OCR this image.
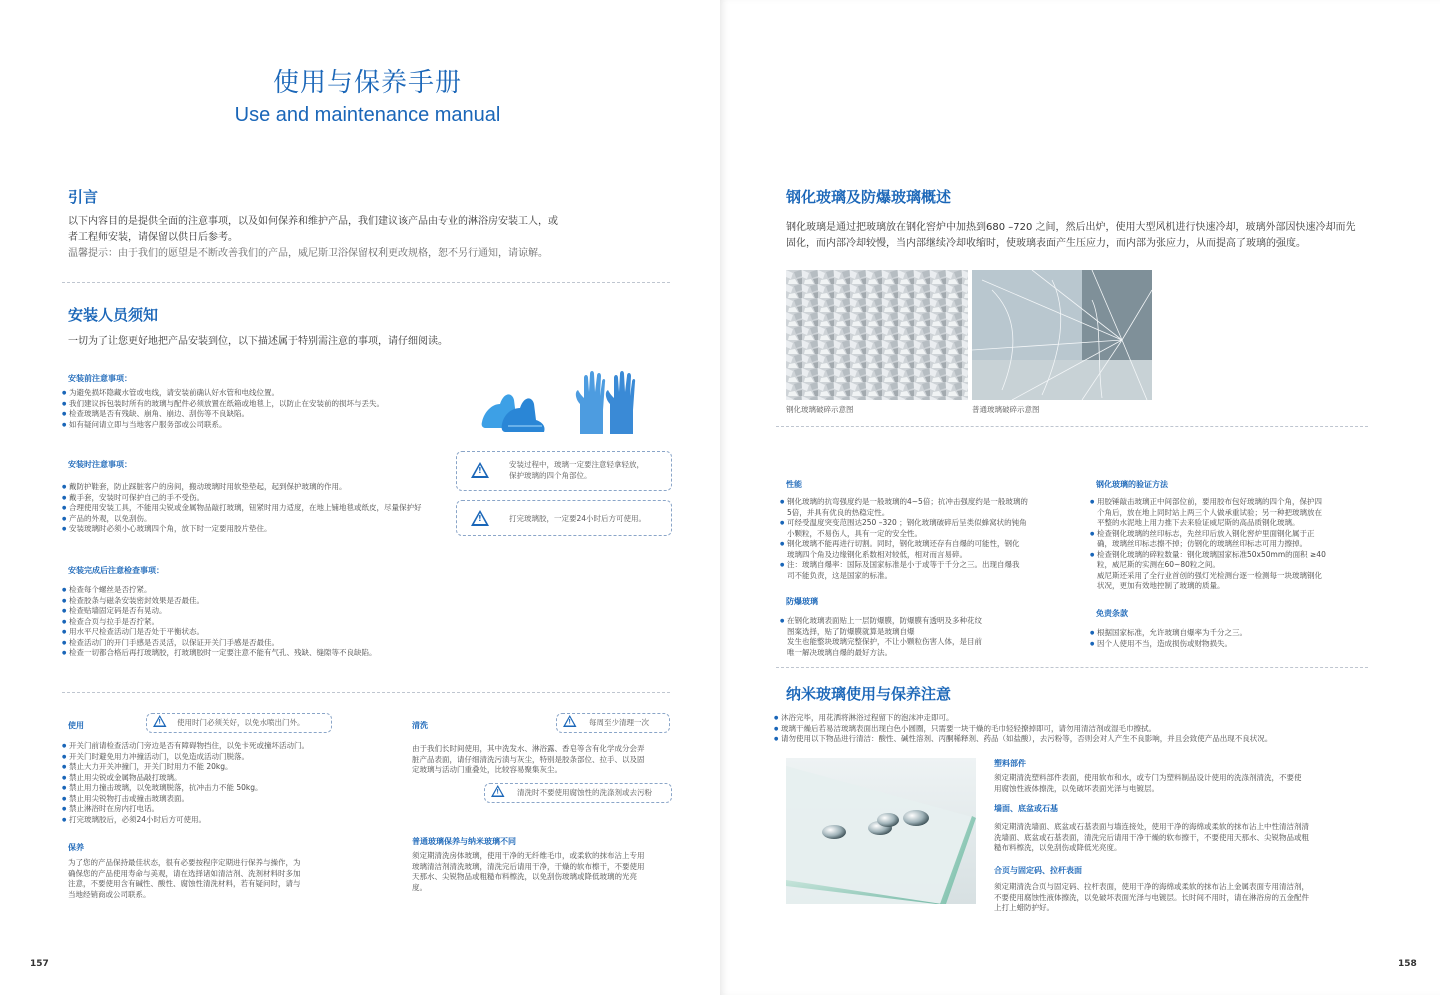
使用与保养手册
Use and maintenance manual
引言
以下内容目的是提供全面的注意事项，以及如何保养和维护产品，我们建议该产品由专业的淋浴房安装工人，或
者工程师安装，请保留以供日后参考。
温馨提示：由于我们的愿望是不断改善我们的产品，威尼斯卫浴保留权利更改规格，恕不另行通知，请谅解。
安装人员须知
一切为了让您更好地把产品安装到位，以下描述属于特别需注意的事项，请仔细阅读。
安装前注意事项：
● 为避免损坏隐藏水管或电线，请安装前确认好水管和电线位置。
● 我们建议拆包装时所有的玻璃与配件必须放置在纸箱或地毯上，以防止在安装前的损坏与丢失。
● 检查玻璃是否有残缺、崩角、崩边、刮伤等不良缺陷。
● 如有疑问请立即与当地客户服务部或公司联系。
安装时注意事项：
● 戴防护鞋套，防止踩脏客户的房间，搬动玻璃时用软垫垫起，起到保护玻璃的作用。
● 戴手套，安装时可保护自己的手不受伤。
● 合理使用安装工具，不能用尖锐或金属物品敲打玻璃，钮紧时用力适度，在地上铺地毯或纸皮，尽量保护好
● 产品的外观，以免刮伤。
● 安装玻璃时必须小心玻璃四个角，放下时一定要用胶片垫住。
!
安装过程中，玻璃一定要注意轻拿轻放，
保护玻璃的四个角部位。
!	打完玻璃胶，一定要24小时后方可使用。
安装完成后注意检查事项：
● 检查每个螺丝是否拧紧。
● 检查胶条与磁条安装密封效果是否最佳。
● 检查贴墙固定码是否有晃动。
● 检查合页与拉手是否拧紧。
● 用水平尺检查活动门是否处于平衡状态。
● 检查活动门的开门手感是否灵活，以保证开关门手感是否最佳。
● 检查一切都合格后再打玻璃胶，打玻璃胶时一定要注意不能有气孔、残缺、缝隙等不良缺陷。
使用	! 使用时门必须关好，以免水喷出门外。
● 开关门前请检查活动门旁边是否有障碍物挡住，以免卡死或撞坏活动门。
● 开关门时避免用力冲撞活动门，以免造成活动门脱落。
● 禁止大力开关冲撞门，开关门时用力不能 20kg。
● 禁止用尖锐或金属物品敲打玻璃。
● 禁止用力撞击玻璃，以免玻璃脱落，抗冲击力不能 50kg。
● 禁止用尖锐物打击或撞击玻璃表面。
● 禁止淋浴时在房内打电话。
● 打完玻璃胶后，必须24小时后方可使用。
保养
为了您的产品保持最佳状态，很有必要按程序定期进行保养与操作，为
确保您的产品使用寿命与美观，请在选择诸如清洁剂、洗剂材料时多加
注意，不要使用含有碱性、酸性、腐蚀性清洗材料，若有疑问时，请与
当地经销商或公司联系。
清洗	! 每周至少清理一次
由于我们长时间使用，其中洗发水、淋浴露、香皂等含有化学成分会弄
脏产品表面，请仔细清洗污渍与灰尘，特别是胶条部位、拉手、以及固
定玻璃与活动门重叠处，比较容易聚集灰尘。
! 清洗时不要使用腐蚀性的洗涤剂或去污粉
普通玻璃保养与纳米玻璃不同
须定期清洗房体玻璃，使用干净的无纤维毛巾，或柔软的抹布沾上专用
玻璃清洁剂清洗玻璃，清洗完后请用干净，干燥的软布檫干，不要使用
天那水、尖锐物品或粗糙布料檫洗，以免刮伤玻璃或降低玻璃的光亮
度。
157
钢化玻璃及防爆玻璃概述
钢化玻璃是通过把玻璃放在钢化窖炉中加热到680 –720 之间，然后出炉，使用大型风机进行快速冷却，玻璃外部因快速冷却而先
固化，而内部冷却较慢，当内部继续冷却收缩时，使玻璃表面产生压应力，而内部为张应力，从而提高了玻璃的强度。
钢化玻璃破碎示意图	普通玻璃破碎示意图
性能
● 钢化玻璃的抗弯强度约是一般玻璃的4~5倍；抗冲击强度约是一般玻璃的
5倍，并具有优良的热稳定性。
● 可经受温度突变范围达250 –320 ；钢化玻璃破碎后呈类似蜂窝状的钝角
小颗粒，不易伤人，具有一定的安全性。
● 钢化玻璃不能再进行切割。同时，钢化玻璃还存有自爆的可能性，钢化
玻璃四个角及边缘钢化系数相对较低，相对而言易碎。
● 注：玻璃自爆率：国际及国家标准是小于或等于千分之三。出现自爆我
司不能负责，这是国家的标准。
防爆玻璃
● 在钢化玻璃表面贴上一层防爆膜，防爆膜有透明及多种花纹
图案选择，贴了防爆膜就算是玻璃自爆
发生也能整块玻璃完整保护，不让小颗粒伤害人体，是目前
唯一解决玻璃自爆的最好方法。
钢化玻璃的验证方法
● 用胶锤敲击玻璃正中间部位前，要用胶布包好玻璃的四个角，保护四
个角后，放在地上同时站上两三个人做承重试验；另一种把玻璃放在
平整的水泥地上用力推下去来验证威尼斯的高品质钢化玻璃。
● 检查钢化玻璃的丝印标志，先丝印后放入钢化窖炉里面钢化属于正
确，玻璃丝印标志擦不掉；仿钢化的玻璃丝印标志可用力擦掉。
● 检查钢化玻璃的碎粒数量：钢化玻璃国家标准50x50mm的面积 ≥40
粒，威尼斯的实测在60~80粒之间。
威尼斯还采用了全行业首创的强灯光检测台逐一检测每一块玻璃钢化
状况，更加有效地控制了玻璃的质量。
免责条款
● 根据国家标准，允许玻璃自爆率为千分之三。
● 因个人使用不当，造成损伤或财物损失。
纳米玻璃使用与保养注意
● 沐浴完毕，用花洒将淋浴过程留下的泡沫冲走即可。
● 玻璃干燥后若易洁玻璃表面出现白色小圆圈，只需要一块干燥的毛巾轻轻撩掉即可，请勿用清洁剂或湿毛巾擦拭。
● 请勿使用以下物品进行清洁：酸性、碱性溶剂、丙酮稀释剂、药品（如盐酸），去污粉等，否则会对人产生不良影响，并且会致使产品出现不良状况。
塑料部件
须定期清洗塑料部件表面，使用软布和水，或专门为塑料制品设计使用的洗涤剂清洗，不要使
用腐蚀性液体擦洗，以免破坏表面光泽与电镀层。
墙面、底盆或石基
须定期清洗墙面、底盆或石基表面与墙连接处，使用干净的海绵或柔软的抹布沾上中性清洁剂清
洗墙面、底盆或石基表面，清洗完后请用干净干燥的软布擦干，不要使用天那水、尖锐物品或粗
糙布料檫洗，以免刮伤或降低光亮度。
合页与固定码、拉杆表面
须定期清洗合页与固定码、拉杆表面，使用干净的海绵或柔软的抹布沾上金属表面专用清洁剂，
不要使用腐蚀性液体擦洗，以免破坏表面光泽与电镀层。长时间不用时，请在淋浴房的五金配件
上打上蜡防护好。
158
